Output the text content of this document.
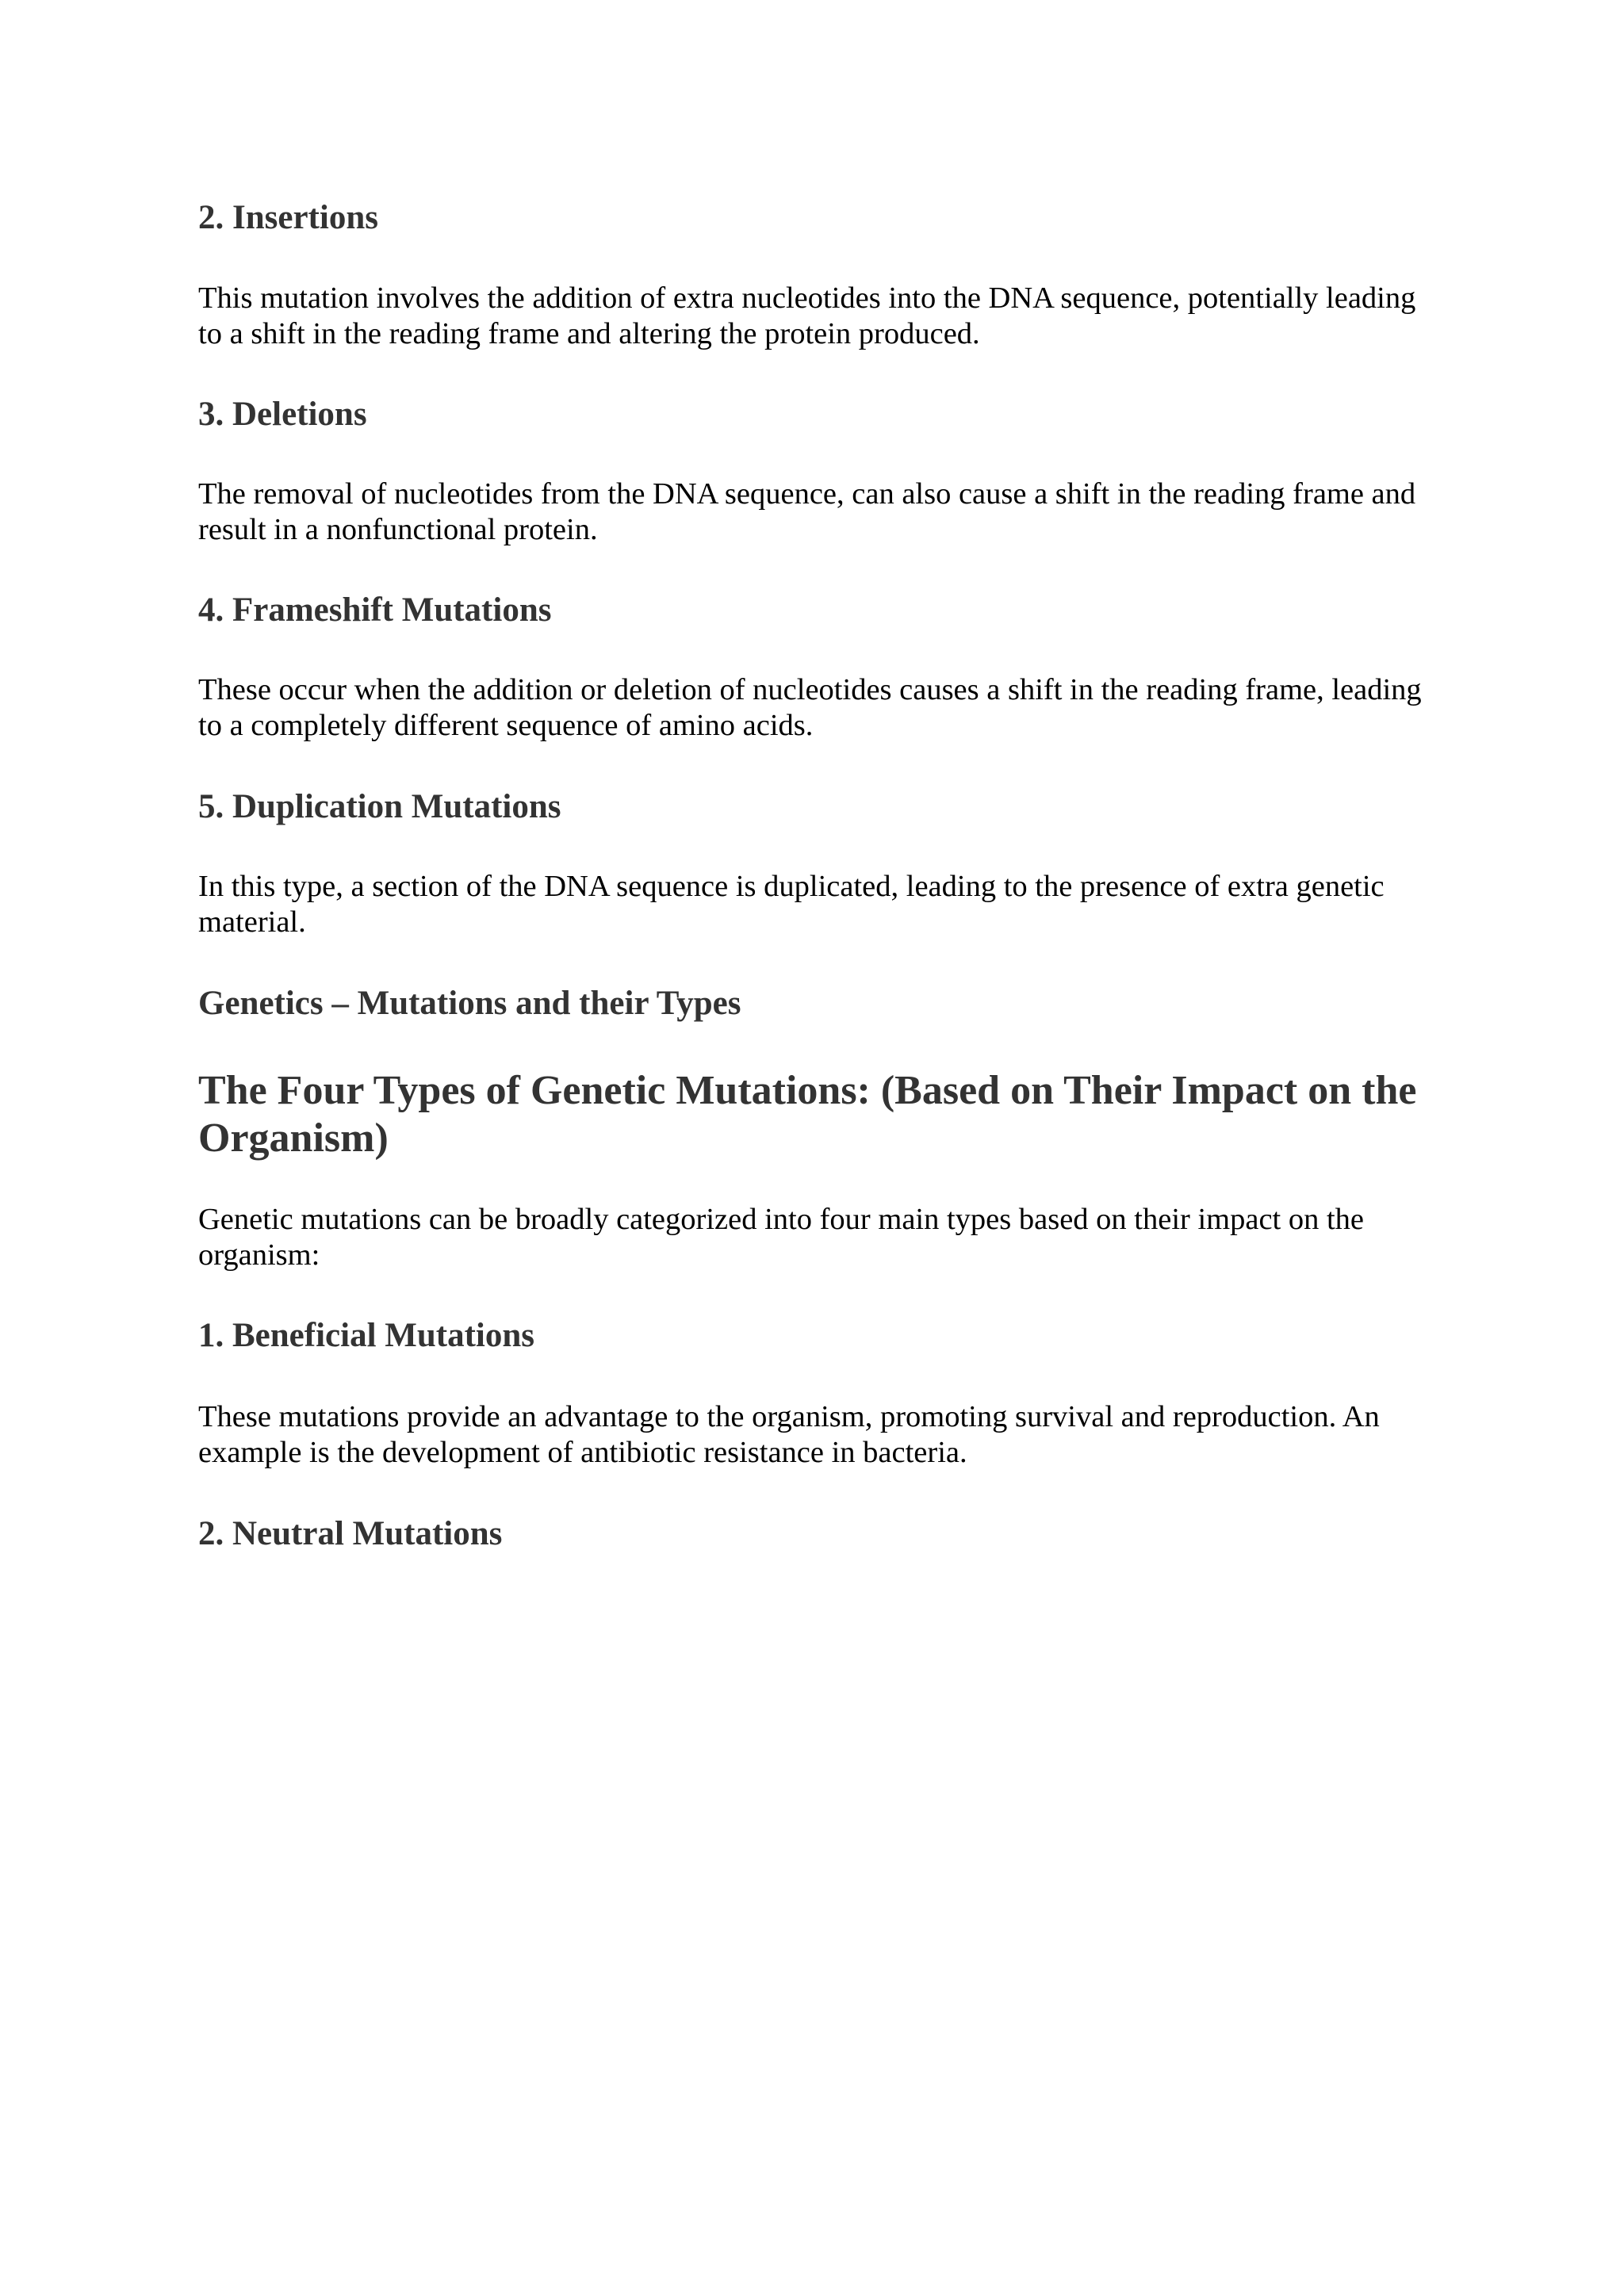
2. Insertions

This mutation involves the addition of extra nucleotides into the DNA sequence, potentially leading to a shift in the reading frame and altering the protein produced.

3. Deletions

The removal of nucleotides from the DNA sequence, can also cause a shift in the reading frame and result in a nonfunctional protein.

4. Frameshift Mutations

These occur when the addition or deletion of nucleotides causes a shift in the reading frame, leading to a completely different sequence of amino acids.

5. Duplication Mutations

In this type, a section of the DNA sequence is duplicated, leading to the presence of extra genetic material.

Genetics – Mutations and their Types
The Four Types of Genetic Mutations: (Based on Their Impact on the Organism)

Genetic mutations can be broadly categorized into four main types based on their impact on the organism:

1. Beneficial Mutations

These mutations provide an advantage to the organism, promoting survival and reproduction. An example is the development of antibiotic resistance in bacteria.

2. Neutral Mutations
